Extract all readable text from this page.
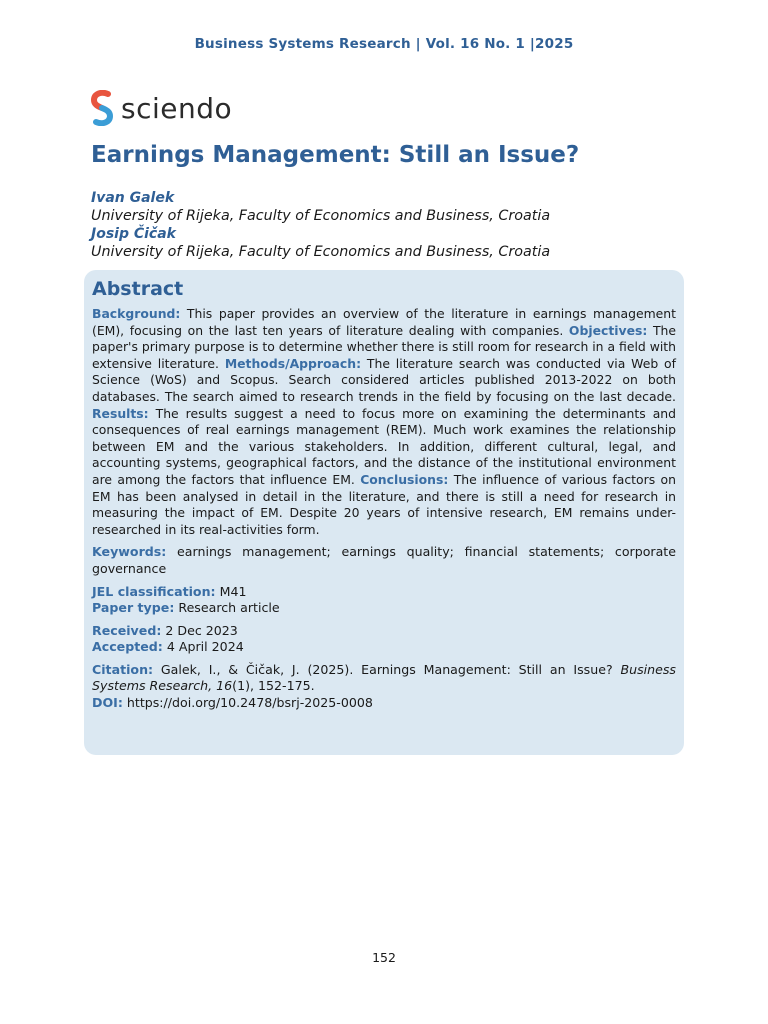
Business Systems Research | Vol. 16 No. 1 |2025
sciendo
Earnings Management: Still an Issue?
Ivan Galek
University of Rijeka, Faculty of Economics and Business, Croatia
Josip Čičak
University of Rijeka, Faculty of Economics and Business, Croatia
Abstract

Background: This paper provides an overview of the literature in earnings management (EM), focusing on the last ten years of literature dealing with companies. Objectives: The paper's primary purpose is to determine whether there is still room for research in a field with extensive literature. Methods/Approach: The literature search was conducted via Web of Science (WoS) and Scopus. Search considered articles published 2013-2022 on both databases. The search aimed to research trends in the field by focusing on the last decade. Results: The results suggest a need to focus more on examining the determinants and consequences of real earnings management (REM). Much work examines the relationship between EM and the various stakeholders. In addition, different cultural, legal, and accounting systems, geographical factors, and the distance of the institutional environment are among the factors that influence EM. Conclusions: The influence of various factors on EM has been analysed in detail in the literature, and there is still a need for research in measuring the impact of EM. Despite 20 years of intensive research, EM remains under-researched in its real-activities form.

Keywords: earnings management; earnings quality; financial statements; corporate governance
JEL classification: M41
Paper type: Research article
Received: 2 Dec 2023
Accepted: 4 April 2024
Citation: Galek, I., & Čičak, J. (2025). Earnings Management: Still an Issue? Business Systems Research, 16(1), 152-175.
DOI: https://doi.org/10.2478/bsrj-2025-0008
152
